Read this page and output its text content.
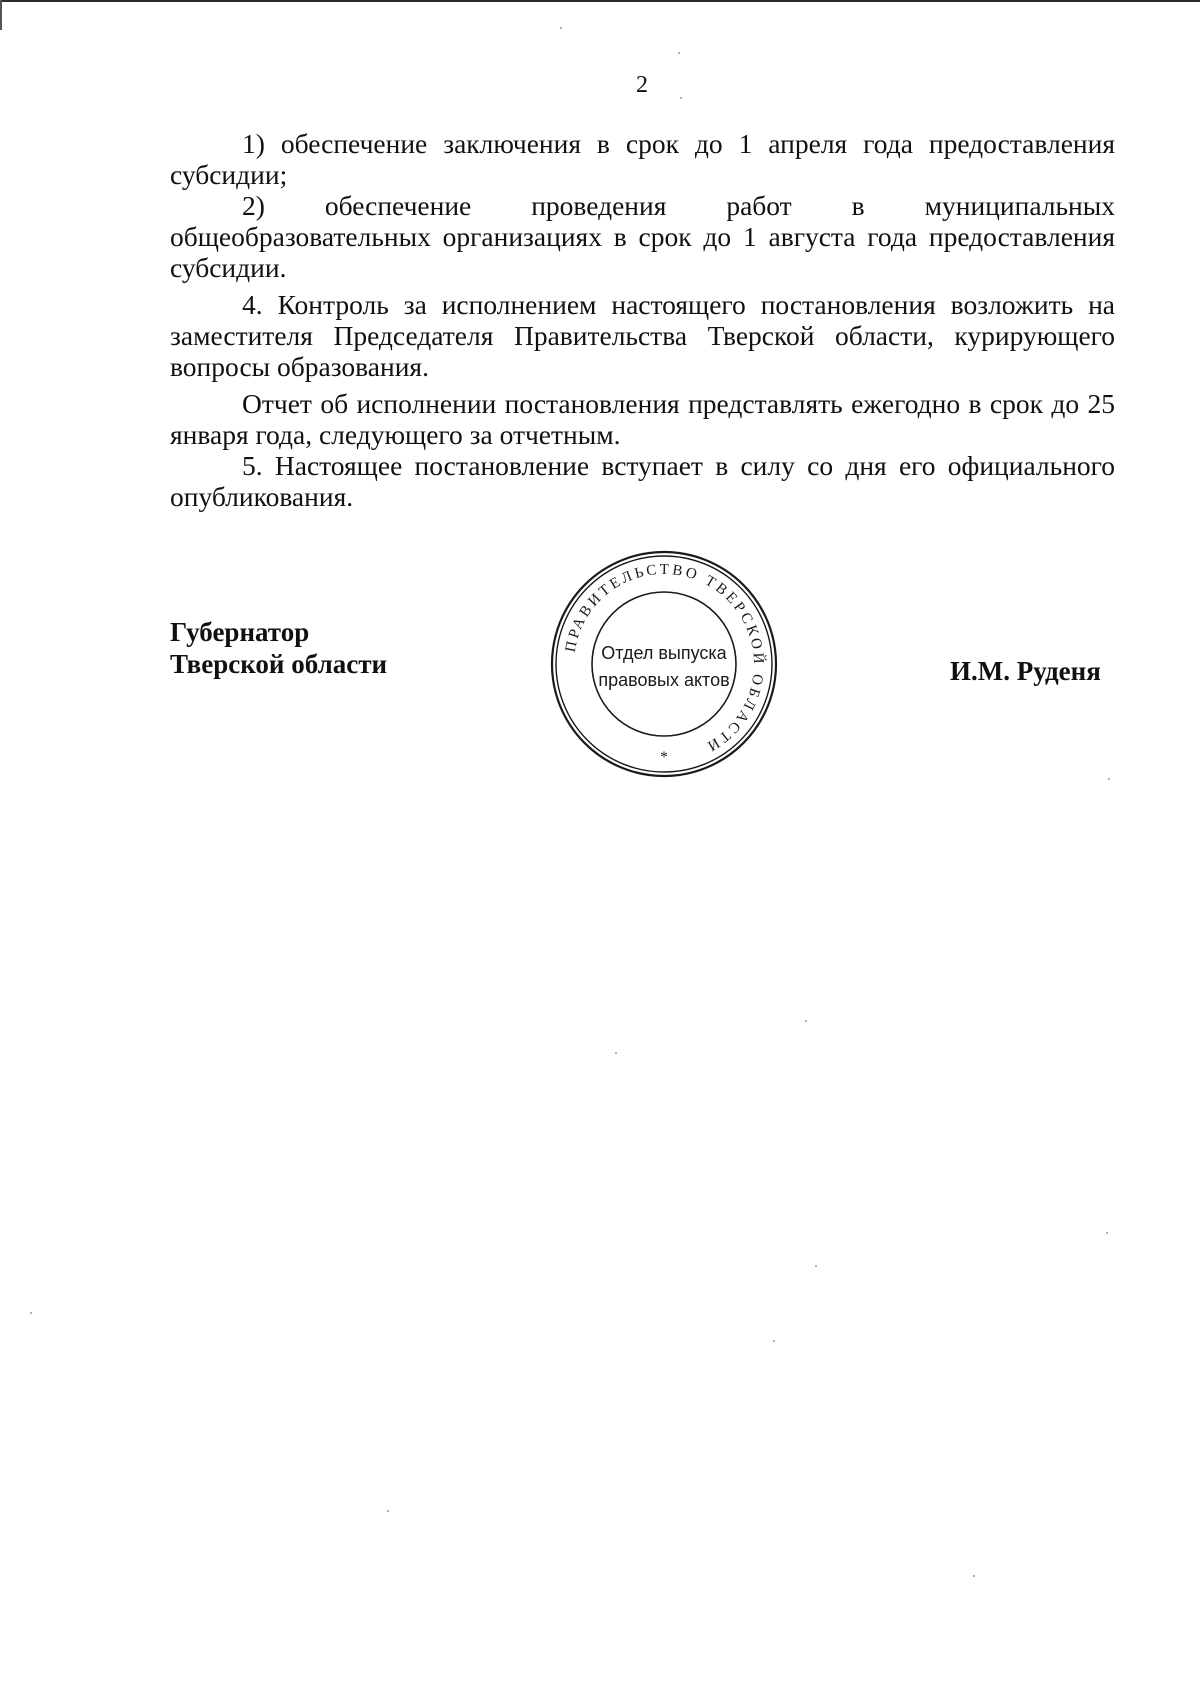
2

1) обеспечение заключения в срок до 1 апреля года предоставления субсидии;

2) обеспечение проведения работ в муниципальных общеобразовательных организациях в срок до 1 августа года предоставления субсидии.

4. Контроль за исполнением настоящего постановления возложить на заместителя Председателя Правительства Тверской области, курирующего вопросы образования.

Отчет об исполнении постановления представлять ежегодно в срок до 25 января года, следующего за отчетным.

5. Настоящее постановление вступает в силу со дня его официального опубликования.

Губернатор
Тверской области	И.М. Руденя
ПРАВИТЕЛЬСТВО ТВЕРСКОЙ ОБЛАСТИ
Отдел выпуска
правовых актов
*
